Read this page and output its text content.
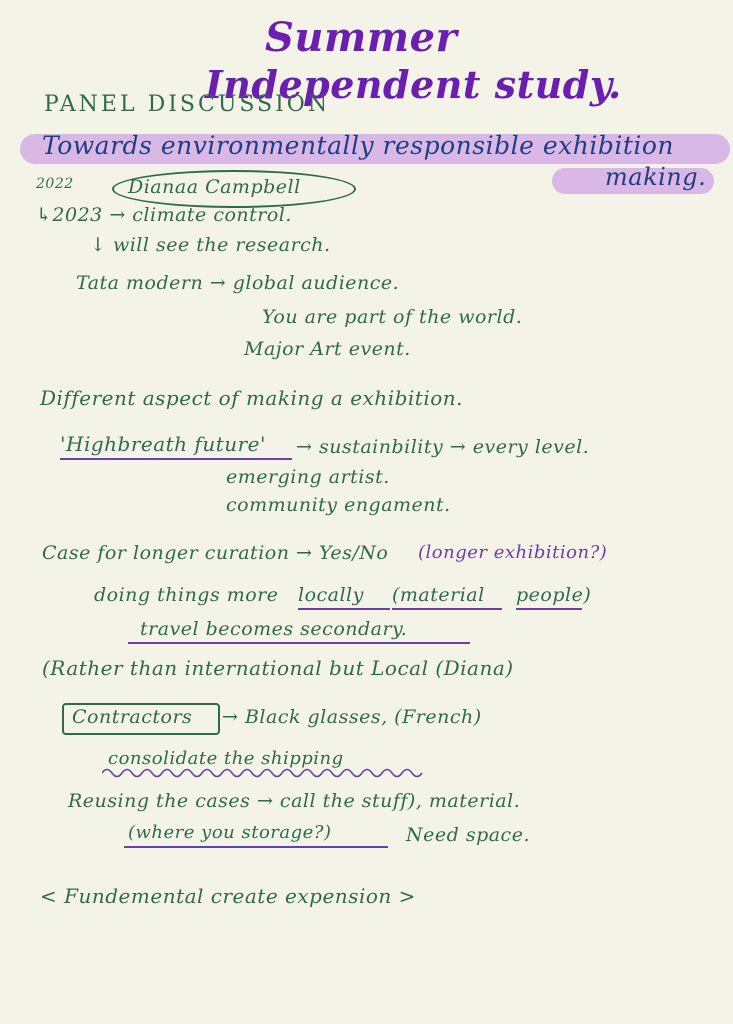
Summer
Independent study.
PANEL DISCUSSION
Towards environmentally responsible exhibition
making.
2022	Dianaa Campbell
↳2023 → climate control.
↓ will see the research.
Tata modern → global audience.
You are part of the world.
Major Art event.
Different aspect of making a exhibition.
'Highbreath future' → sustainbility → every level.
emerging artist.
community engament.
Case for longer curation → Yes/No (longer exhibition?)
doing things more locally (material people)
travel becomes secondary.
(Rather than international but Local (Diana)
Contractors → Black glasses, (French)
consolidate the shipping
Reusing the cases → call the stuff), material.
(where you storage?)	Need space.
< Fundemental create expension >
